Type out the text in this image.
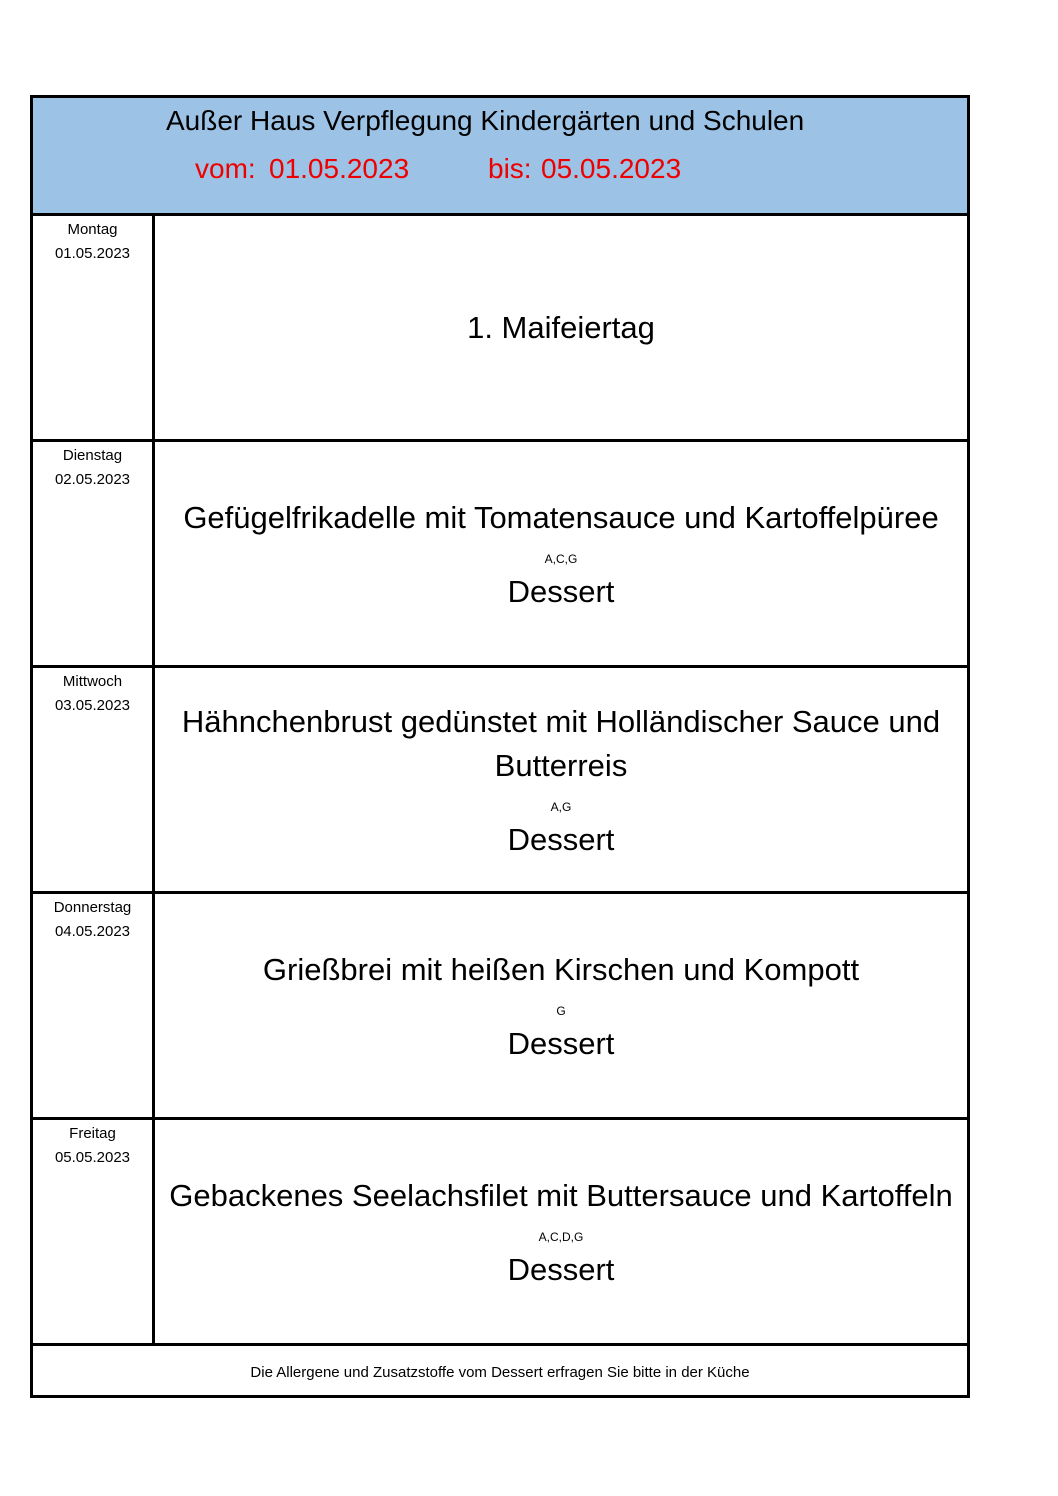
Außer Haus Verpflegung Kindergärten und Schulen
vom: 01.05.2023	bis: 05.05.2023
Montag
01.05.2023
1. Maifeiertag
Dienstag
02.05.2023
Gefügelfrikadelle mit Tomatensauce und Kartoffelpüree
A,C,G
Dessert
Mittwoch
03.05.2023	Hähnchenbrust gedünstet mit Holländischer Sauce und Butterreis
A,G
Dessert
Donnerstag
04.05.2023
Grießbrei mit heißen Kirschen und Kompott
G
Dessert
Freitag
05.05.2023
Gebackenes Seelachsfilet mit Buttersauce und Kartoffeln
A,C,D,G
Dessert
Die Allergene und Zusatzstoffe vom Dessert erfragen Sie bitte in der Küche
